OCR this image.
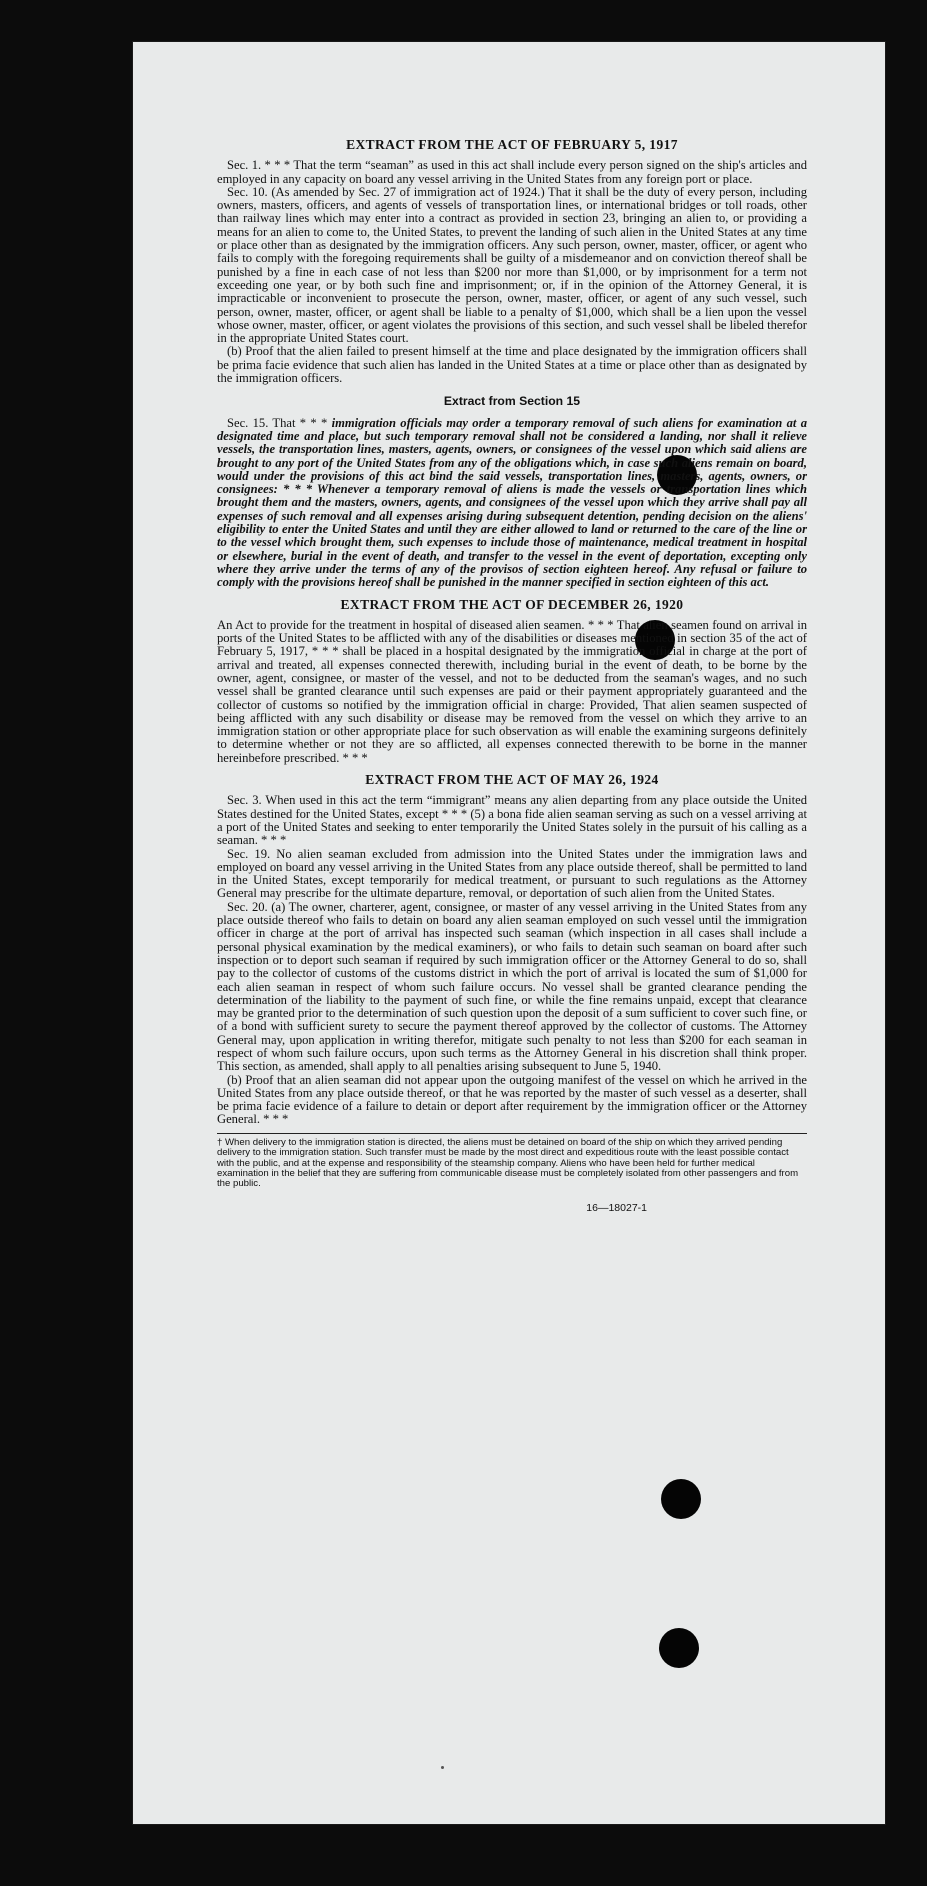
EXTRACT FROM THE ACT OF FEBRUARY 5, 1917

Sec. 1. * * * That the term “seaman” as used in this act shall include every person signed on the ship's articles and employed in any capacity on board any vessel arriving in the United States from any foreign port or place.

Sec. 10. (As amended by Sec. 27 of immigration act of 1924.) That it shall be the duty of every person, including owners, masters, officers, and agents of vessels of transportation lines, or international bridges or toll roads, other than railway lines which may enter into a contract as provided in section 23, bringing an alien to, or providing a means for an alien to come to, the United States, to prevent the landing of such alien in the United States at any time or place other than as designated by the immigration officers. Any such person, owner, master, officer, or agent who fails to comply with the foregoing requirements shall be guilty of a misdemeanor and on conviction thereof shall be punished by a fine in each case of not less than $200 nor more than $1,000, or by imprisonment for a term not exceeding one year, or by both such fine and imprisonment; or, if in the opinion of the Attorney General, it is impracticable or inconvenient to prosecute the person, owner, master, officer, or agent of any such vessel, such person, owner, master, officer, or agent shall be liable to a penalty of $1,000, which shall be a lien upon the vessel whose owner, master, officer, or agent violates the provisions of this section, and such vessel shall be libeled therefor in the appropriate United States court.

(b) Proof that the alien failed to present himself at the time and place designated by the immigration officers shall be prima facie evidence that such alien has landed in the United States at a time or place other than as designated by the immigration officers.

Extract from Section 15

Sec. 15. That * * * immigration officials may order a temporary removal of such aliens for examination at a designated time and place, but such temporary removal shall not be considered a landing, nor shall it relieve vessels, the transportation lines, masters, agents, owners, or consignees of the vessel upon which said aliens are brought to any port of the United States from any of the obligations which, in case such aliens remain on board, would under the provisions of this act bind the said vessels, transportation lines, masters, agents, owners, or consignees: * * * Whenever a temporary removal of aliens is made the vessels or transportation lines which brought them and the masters, owners, agents, and consignees of the vessel upon which they arrive shall pay all expenses of such removal and all expenses arising during subsequent detention, pending decision on the aliens' eligibility to enter the United States and until they are either allowed to land or returned to the care of the line or to the vessel which brought them, such expenses to include those of maintenance, medical treatment in hospital or elsewhere, burial in the event of death, and transfer to the vessel in the event of deportation, excepting only where they arrive under the terms of any of the provisos of section eighteen hereof. Any refusal or failure to comply with the provisions hereof shall be punished in the manner specified in section eighteen of this act.

EXTRACT FROM THE ACT OF DECEMBER 26, 1920

An Act to provide for the treatment in hospital of diseased alien seamen. * * * That alien seamen found on arrival in ports of the United States to be afflicted with any of the disabilities or diseases mentioned in section 35 of the act of February 5, 1917, * * * shall be placed in a hospital designated by the immigration official in charge at the port of arrival and treated, all expenses connected therewith, including burial in the event of death, to be borne by the owner, agent, consignee, or master of the vessel, and not to be deducted from the seaman's wages, and no such vessel shall be granted clearance until such expenses are paid or their payment appropriately guaranteed and the collector of customs so notified by the immigration official in charge: Provided, That alien seamen suspected of being afflicted with any such disability or disease may be removed from the vessel on which they arrive to an immigration station or other appropriate place for such observation as will enable the examining surgeons definitely to determine whether or not they are so afflicted, all expenses connected therewith to be borne in the manner hereinbefore prescribed. * * *

EXTRACT FROM THE ACT OF MAY 26, 1924

Sec. 3. When used in this act the term “immigrant” means any alien departing from any place outside the United States destined for the United States, except * * * (5) a bona fide alien seaman serving as such on a vessel arriving at a port of the United States and seeking to enter temporarily the United States solely in the pursuit of his calling as a seaman. * * *

Sec. 19. No alien seaman excluded from admission into the United States under the immigration laws and employed on board any vessel arriving in the United States from any place outside thereof, shall be permitted to land in the United States, except temporarily for medical treatment, or pursuant to such regulations as the Attorney General may prescribe for the ultimate departure, removal, or deportation of such alien from the United States.

Sec. 20. (a) The owner, charterer, agent, consignee, or master of any vessel arriving in the United States from any place outside thereof who fails to detain on board any alien seaman employed on such vessel until the immigration officer in charge at the port of arrival has inspected such seaman (which inspection in all cases shall include a personal physical examination by the medical examiners), or who fails to detain such seaman on board after such inspection or to deport such seaman if required by such immigration officer or the Attorney General to do so, shall pay to the collector of customs of the customs district in which the port of arrival is located the sum of $1,000 for each alien seaman in respect of whom such failure occurs. No vessel shall be granted clearance pending the determination of the liability to the payment of such fine, or while the fine remains unpaid, except that clearance may be granted prior to the determination of such question upon the deposit of a sum sufficient to cover such fine, or of a bond with sufficient surety to secure the payment thereof approved by the collector of customs. The Attorney General may, upon application in writing therefor, mitigate such penalty to not less than $200 for each seaman in respect of whom such failure occurs, upon such terms as the Attorney General in his discretion shall think proper. This section, as amended, shall apply to all penalties arising subsequent to June 5, 1940.

(b) Proof that an alien seaman did not appear upon the outgoing manifest of the vessel on which he arrived in the United States from any place outside thereof, or that he was reported by the master of such vessel as a deserter, shall be prima facie evidence of a failure to detain or deport after requirement by the immigration officer or the Attorney General. * * *

† When delivery to the immigration station is directed, the aliens must be detained on board of the ship on which they arrived pending delivery to the immigration station. Such transfer must be made by the most direct and expeditious route with the least possible contact with the public, and at the expense and responsibility of the steamship company. Aliens who have been held for further medical examination in the belief that they are suffering from communicable disease must be completely isolated from other passengers and from the public.
16—18027-1
